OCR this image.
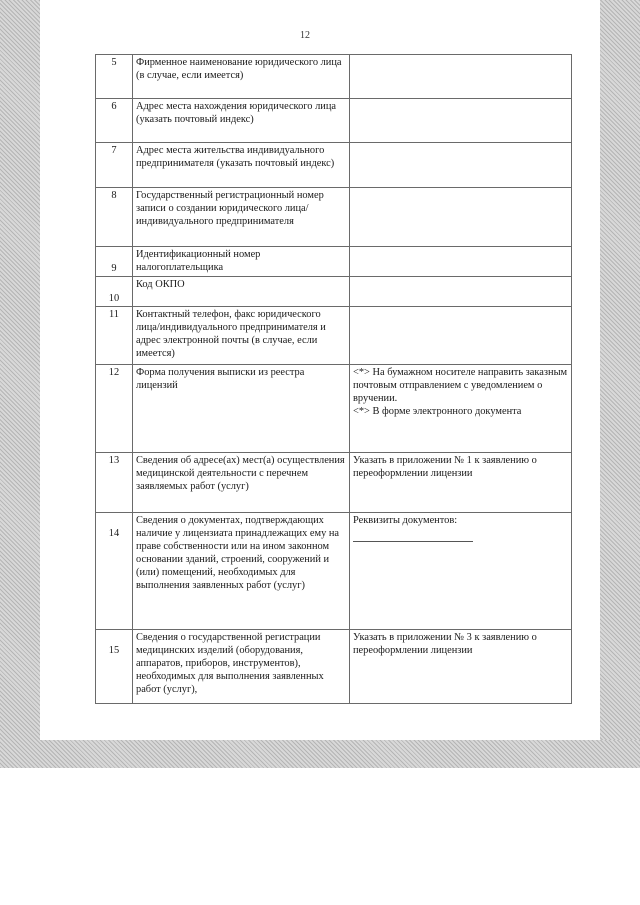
12
5	Фирменное наименование юридического лица (в случае, если имеется)	
6	Адрес места нахождения юридического лица (указать почтовый индекс)	
7	Адрес места жительства индивидуального предпринимателя (указать почтовый индекс)	
8	Государственный регистрационный номер записи о создании юридического лица/индивидуального предпринимателя	
9	Идентификационный номер налогоплательщика	
10	Код ОКПО	
11	Контактный телефон, факс юридического лица/индивидуального предпринимателя и адрес электронной почты (в случае, если имеется)	
12	Форма получения выписки из реестра лицензий	<*> На бумажном носителе направить заказным почтовым отправлением с уведомлением о вручении.
<*> В форме электронного документа

13	Сведения об адресе(ах) мест(а) осуществления медицинской деятельности с перечнем заявляемых работ (услуг)	Указать в приложении № 1 к заявлению о переоформлении лицензии
14	Сведения о документах, подтверждающих наличие у лицензиата принадлежащих ему на праве собственности или на ином законном основании зданий, строений, сооружений и (или) помещений, необходимых для выполнения заявленных работ (услуг)	Реквизиты документов:

15	Сведения о государственной регистрации медицинских изделий (оборудования, аппаратов, приборов, инструментов), необходимых для выполнения заявленных работ (услуг),	Указать в приложении № 3 к заявлению о переоформлении лицензии
